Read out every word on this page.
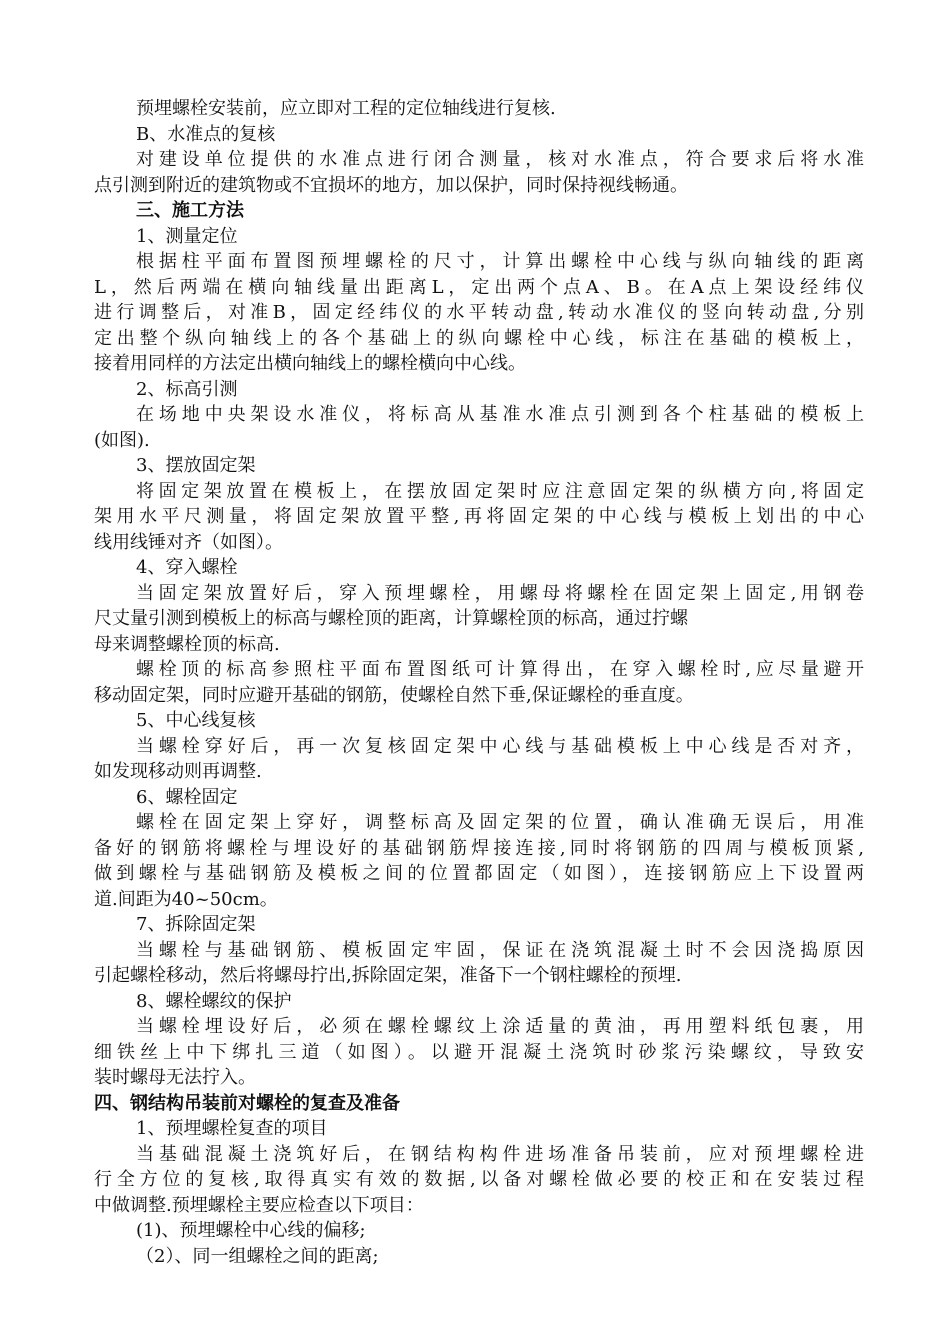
预埋螺栓安装前，应立即对工程的定位轴线进行复核.
B、水准点的复核
对建设单位提供的水准点进行闭合测量，核对水准点，符合要求后将水准
点引测到附近的建筑物或不宜损坏的地方，加以保护，同时保持视线畅通。
三、施工方法
1、测量定位
根据柱平面布置图预埋螺栓的尺寸，计算出螺栓中心线与纵向轴线的距离
L，然后两端在横向轴线量出距离L，定出两个点A、B。在A点上架设经纬仪
进行调整后，对准B，固定经纬仪的水平转动盘,转动水准仪的竖向转动盘,分别
定出整个纵向轴线上的各个基础上的纵向螺栓中心线，标注在基础的模板上，
接着用同样的方法定出横向轴线上的螺栓横向中心线。
2、标高引测
在场地中央架设水准仪，将标高从基准水准点引测到各个柱基础的模板上
(如图).
3、摆放固定架
将固定架放置在模板上，在摆放固定架时应注意固定架的纵横方向,将固定
架用水平尺测量，将固定架放置平整,再将固定架的中心线与模板上划出的中心
线用线锤对齐（如图）。
4、穿入螺栓
当固定架放置好后，穿入预埋螺栓，用螺母将螺栓在固定架上固定,用钢卷
尺丈量引测到模板上的标高与螺栓顶的距离，计算螺栓顶的标高，通过拧螺
母来调整螺栓顶的标高.
螺栓顶的标高参照柱平面布置图纸可计算得出，在穿入螺栓时,应尽量避开
移动固定架，同时应避开基础的钢筋，使螺栓自然下垂,保证螺栓的垂直度。
5、中心线复核
当螺栓穿好后，再一次复核固定架中心线与基础模板上中心线是否对齐，
如发现移动则再调整.
6、螺栓固定
螺栓在固定架上穿好，调整标高及固定架的位置，确认准确无误后，用准
备好的钢筋将螺栓与埋设好的基础钢筋焊接连接,同时将钢筋的四周与模板顶紧,
做到螺栓与基础钢筋及模板之间的位置都固定（如图），连接钢筋应上下设置两
道.间距为40~50cm。
7、拆除固定架
当螺栓与基础钢筋、模板固定牢固，保证在浇筑混凝土时不会因浇捣原因
引起螺栓移动，然后将螺母拧出,拆除固定架，准备下一个钢柱螺栓的预埋.
8、螺栓螺纹的保护
当螺栓埋设好后，必须在螺栓螺纹上涂适量的黄油，再用塑料纸包裹，用
细铁丝上中下绑扎三道（如图）。以避开混凝土浇筑时砂浆污染螺纹，导致安
装时螺母无法拧入。
四、钢结构吊装前对螺栓的复查及准备
1、预埋螺栓复查的项目
当基础混凝土浇筑好后，在钢结构构件进场准备吊装前，应对预埋螺栓进
行全方位的复核,取得真实有效的数据,以备对螺栓做必要的校正和在安装过程
中做调整.预埋螺栓主要应检查以下项目：
(1)、预埋螺栓中心线的偏移;
（2）、同一组螺栓之间的距离;
